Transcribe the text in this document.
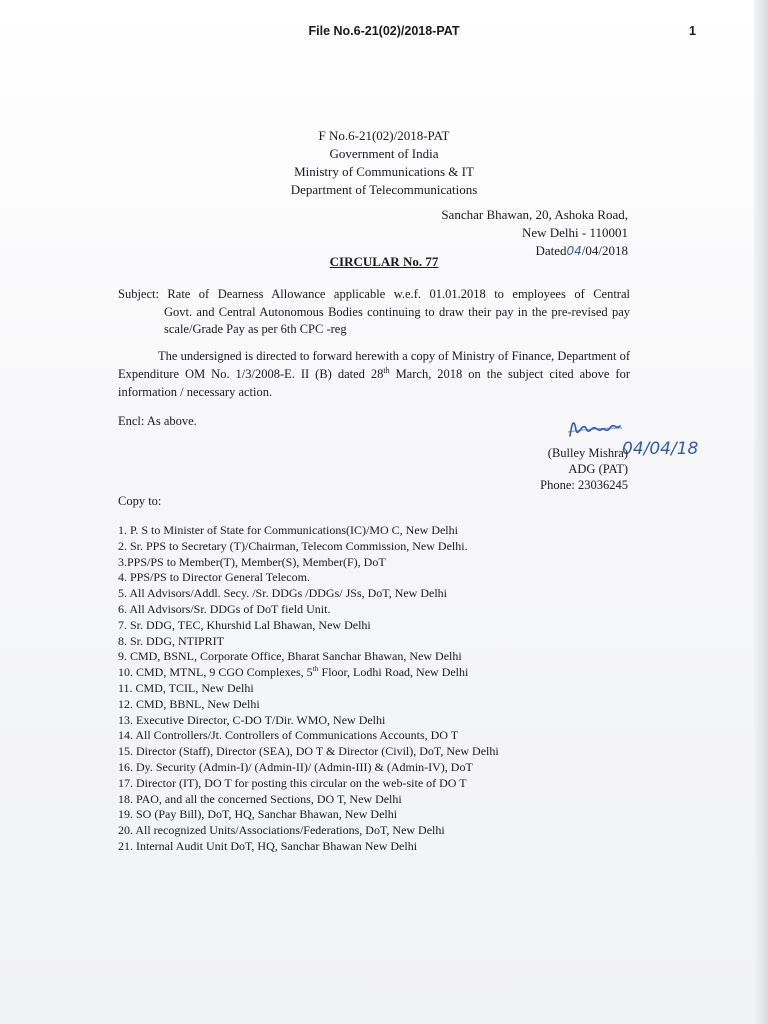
File No.6-21(02)/2018-PAT	1
F No.6-21(02)/2018-PAT
Government of India
Ministry of Communications & IT
Department of Telecommunications
Sanchar Bhawan, 20, Ashoka Road,
New Delhi - 110001
Dated04/04/2018
CIRCULAR No. 77
Subject: Rate of Dearness Allowance applicable w.e.f. 01.01.2018 to employees of Central
Govt. and Central Autonomous Bodies continuing to draw their pay in the pre-revised pay scale/Grade Pay as per 6th CPC -reg
The undersigned is directed to forward herewith a copy of Ministry of Finance, Department of Expenditure OM No. 1/3/2008-E. II (B) dated 28th March, 2018 on the subject cited above for information / necessary action.
Encl: As above.
04/04/18
(Bulley Mishra)
ADG (PAT)
Phone: 23036245
Copy to:
1. P. S to Minister of State for Communications(IC)/MO C, New Delhi
2. Sr. PPS to Secretary (T)/Chairman, Telecom Commission, New Delhi.
3.PPS/PS to Member(T), Member(S), Member(F), DoT
4. PPS/PS to Director General Telecom.
5. All Advisors/Addl. Secy. /Sr. DDGs /DDGs/ JSs, DoT, New Delhi
6. All Advisors/Sr. DDGs of DoT field Unit.
7. Sr. DDG, TEC, Khurshid Lal Bhawan, New Delhi
8. Sr. DDG, NTIPRIT
9. CMD, BSNL, Corporate Office, Bharat Sanchar Bhawan, New Delhi
10. CMD, MTNL, 9 CGO Complexes, 5th Floor, Lodhi Road, New Delhi
11. CMD, TCIL, New Delhi
12. CMD, BBNL, New Delhi
13. Executive Director, C-DO T/Dir. WMO, New Delhi
14. All Controllers/Jt. Controllers of Communications Accounts, DO T
15. Director (Staff), Director (SEA), DO T & Director (Civil), DoT, New Delhi
16. Dy. Security (Admin-I)/ (Admin-II)/ (Admin-III) & (Admin-IV), DoT
17. Director (IT), DO T for posting this circular on the web-site of DO T
18. PAO, and all the concerned Sections, DO T, New Delhi
19. SO (Pay Bill), DoT, HQ, Sanchar Bhawan, New Delhi
20. All recognized Units/Associations/Federations, DoT, New Delhi
21. Internal Audit Unit DoT, HQ, Sanchar Bhawan New Delhi
